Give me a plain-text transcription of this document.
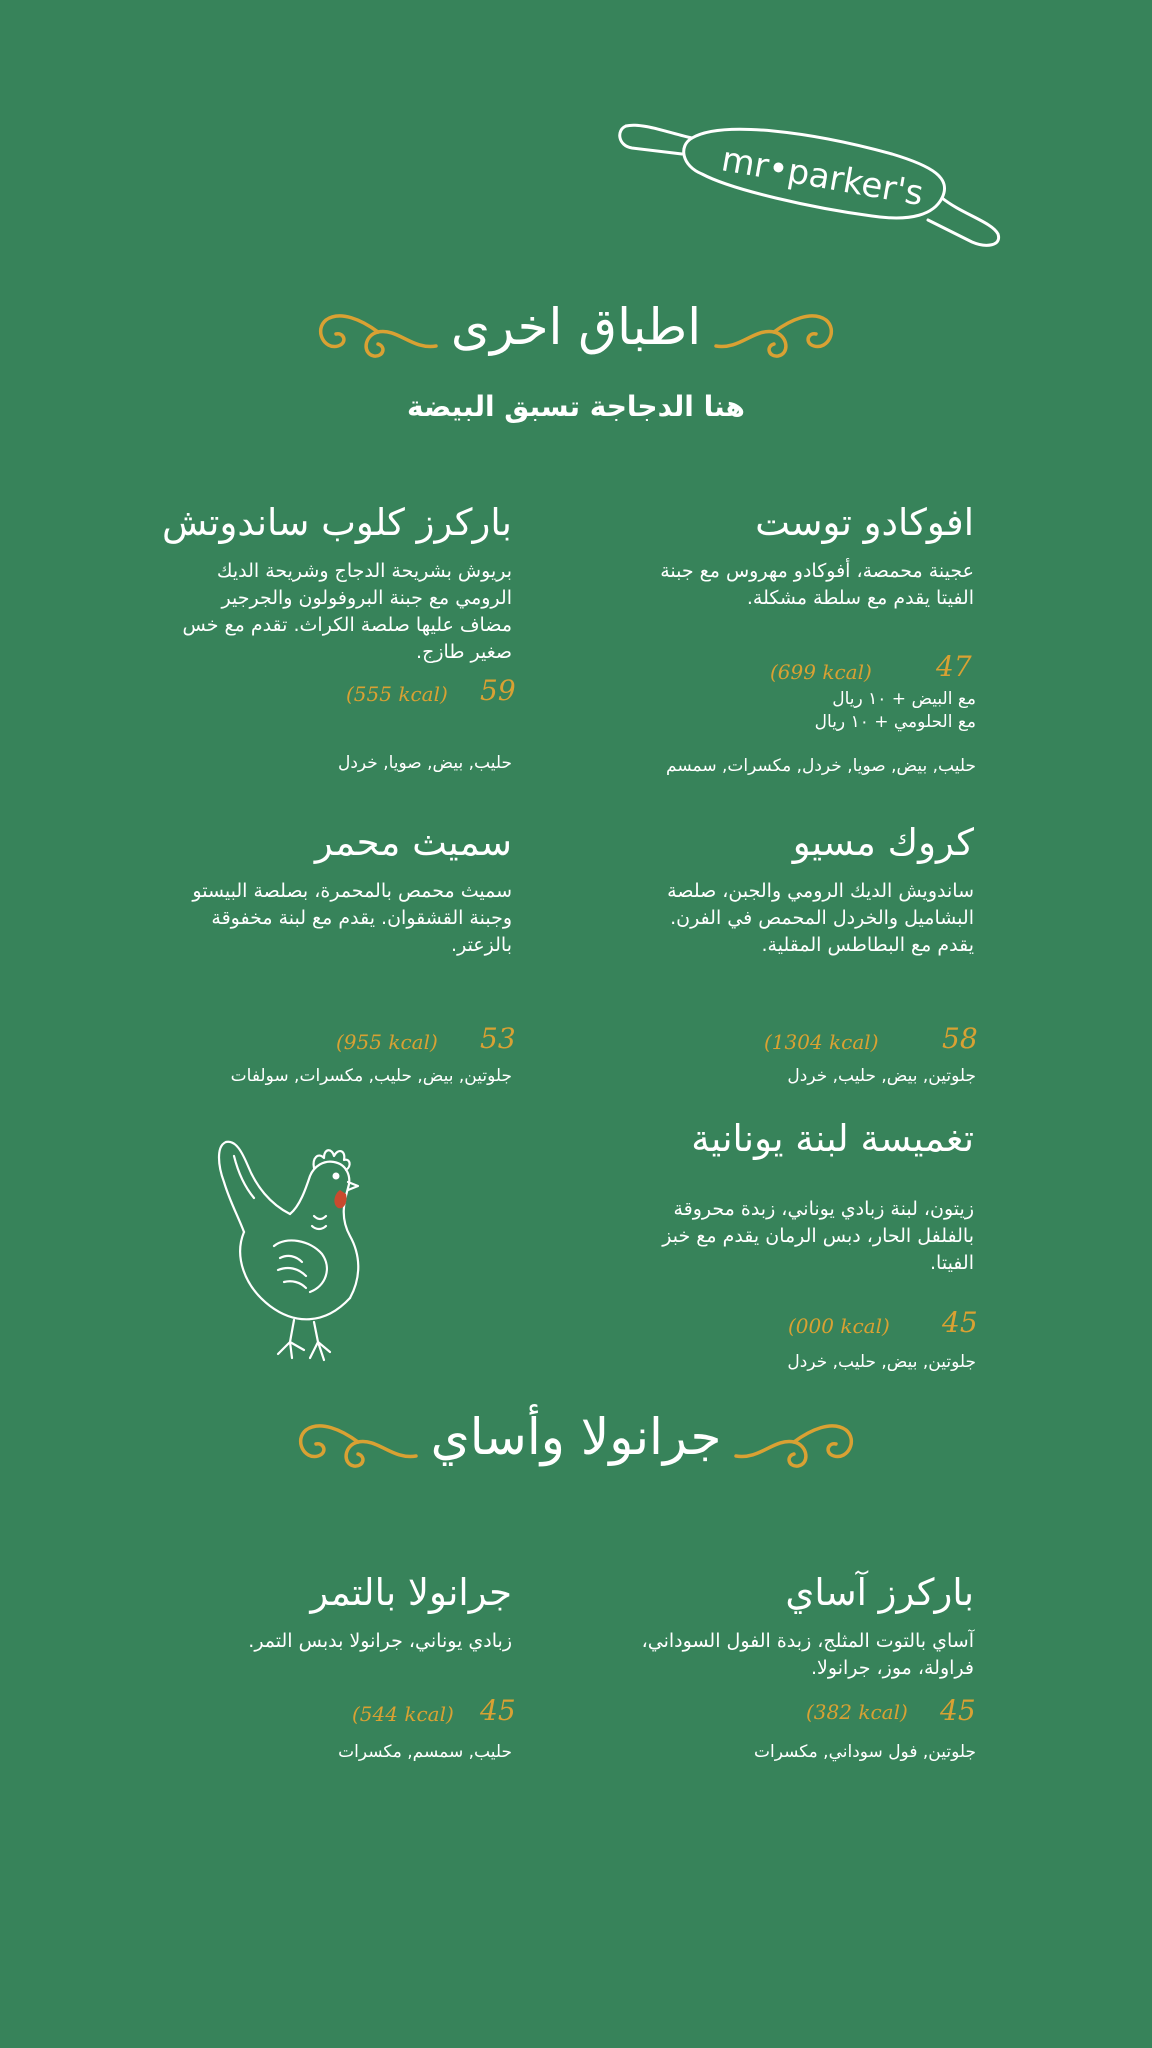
mr•parker's
اطباق اخرى
هنا الدجاجة تسبق البيضة
افوكادو توست
عجينة محمصة، أفوكادو مهروس مع جبنة الفيتا يقدم مع سلطة مشكلة.
47
(699 kcal)
مع البيض + ١٠ ريال
مع الحلومي + ١٠ ريال
حليب, بيض, صويا, خردل, مكسرات, سمسم
باركرز كلوب ساندوتش
بريوش بشريحة الدجاج وشريحة الديك الرومي مع جبنة البروفولون والجرجير مضاف عليها صلصة الكراث. تقدم مع خس صغير طازج.
59
(555 kcal)
حليب, بيض, صويا, خردل
كروك مسيو
ساندويش الديك الرومي والجبن، صلصة البشاميل والخردل المحمص في الفرن. يقدم مع البطاطس المقلية.
58
(1304 kcal)
جلوتين, بيض, حليب, خردل
سميث محمر
سميث محمص بالمحمرة، بصلصة البيستو وجبنة القشقوان. يقدم مع لبنة مخفوقة بالزعتر.
53
(955 kcal)
جلوتين, بيض, حليب, مكسرات, سولفات
تغميسة لبنة يونانية
زيتون، لبنة زبادي يوناني، زبدة محروقة بالفلفل الحار، دبس الرمان يقدم مع خبز الفيتا.
45
(000 kcal)
جلوتين, بيض, حليب, خردل
جرانولا وأساي
باركرز آساي
آساي بالتوت المثلج، زبدة الفول السوداني، فراولة، موز، جرانولا.
45
(382 kcal)
جلوتين, فول سوداني, مكسرات
جرانولا بالتمر
زبادي يوناني، جرانولا بدبس التمر.
45
(544 kcal)
حليب, سمسم, مكسرات
